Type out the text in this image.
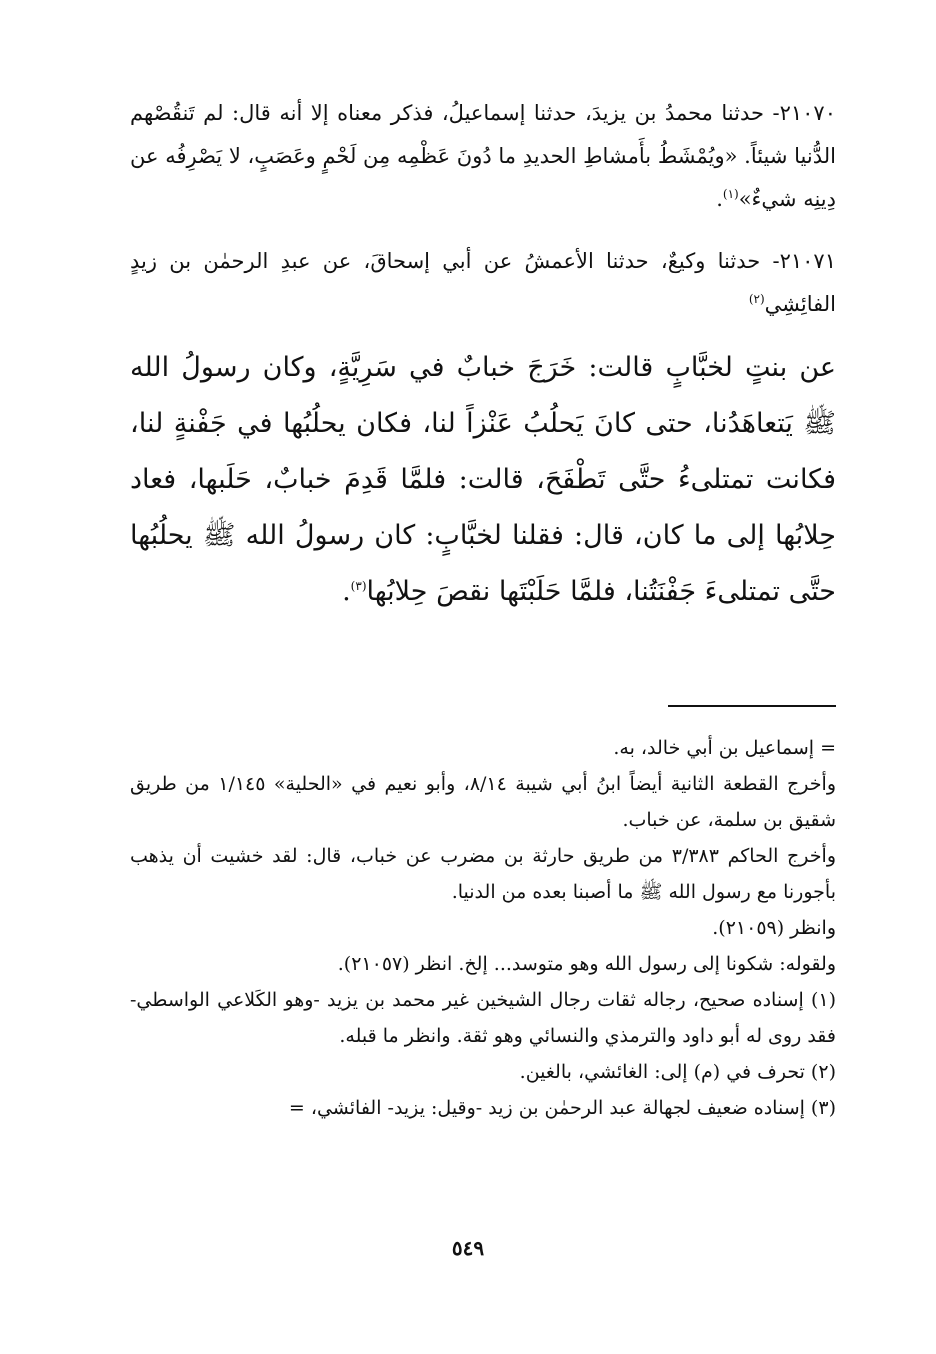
٢١٠٧٠- حدثنا محمدُ بن يزيدَ، حدثنا إسماعيلُ، فذكر معناه إلا أنه قال: لم تَنقُصْهم الدُّنيا شيئاً. «ويُمْشَطُ بأَمشاطِ الحديدِ ما دُونَ عَظْمِه مِن لَحْمٍ وعَصَبٍ، لا يَصْرِفُه عن دِينِه شيءٌ»$^{(١)}$.

٢١٠٧١- حدثنا وكيعٌ، حدثنا الأعمشُ عن أبي إسحاقَ، عن عبدِ الرحمٰن بن زيدٍ الفائِشِي$^{(٢)}$

عن بنتٍ لخبَّابٍ قالت: خَرَجَ خبابٌ في سَرِيَّةٍ، وكان رسولُ الله ﷺ يَتعاهَدُنا، حتى كانَ يَحلُبُ عَنْزاً لنا، فكان يحلُبُها في جَفْنةٍ لنا، فكانت تمتلىءُ حتَّى تَطْفَحَ، قالت: فلمَّا قَدِمَ خبابٌ، حَلَبها، فعاد حِلابُها إلى ما كان، قال: فقلنا لخبَّابٍ: كان رسولُ الله ﷺ يحلُبُها حتَّى تمتلىءَ جَفْنَتُنا، فلمَّا حَلَبْتَها نقصَ حِلابُها$^{(٣)}$.

= إسماعيل بن أبي خالد، به.

وأخرج القطعة الثانية أيضاً ابنُ أبي شيبة ٨/١٤، وأبو نعيم في «الحلية» ١/١٤٥ من طريق شقيق بن سلمة، عن خباب.

وأخرج الحاكم ٣/٣٨٣ من طريق حارثة بن مضرب عن خباب، قال: لقد خشيت أن يذهب بأجورنا مع رسول الله ﷺ ما أصبنا بعده من الدنيا.

وانظر (٢١٠٥٩).

ولقوله: شكونا إلى رسول الله وهو متوسد... إلخ. انظر (٢١٠٥٧).

(١) إسناده صحيح، رجاله ثقات رجال الشيخين غير محمد بن يزيد -وهو الكَلاعي الواسطي- فقد روى له أبو داود والترمذي والنسائي وهو ثقة. وانظر ما قبله.

(٢) تحرف في (م) إلى: الغائشي، بالغين.

(٣) إسناده ضعيف لجهالة عبد الرحمٰن بن زيد -وقيل: يزيد- الفائشي، =

٥٤٩
